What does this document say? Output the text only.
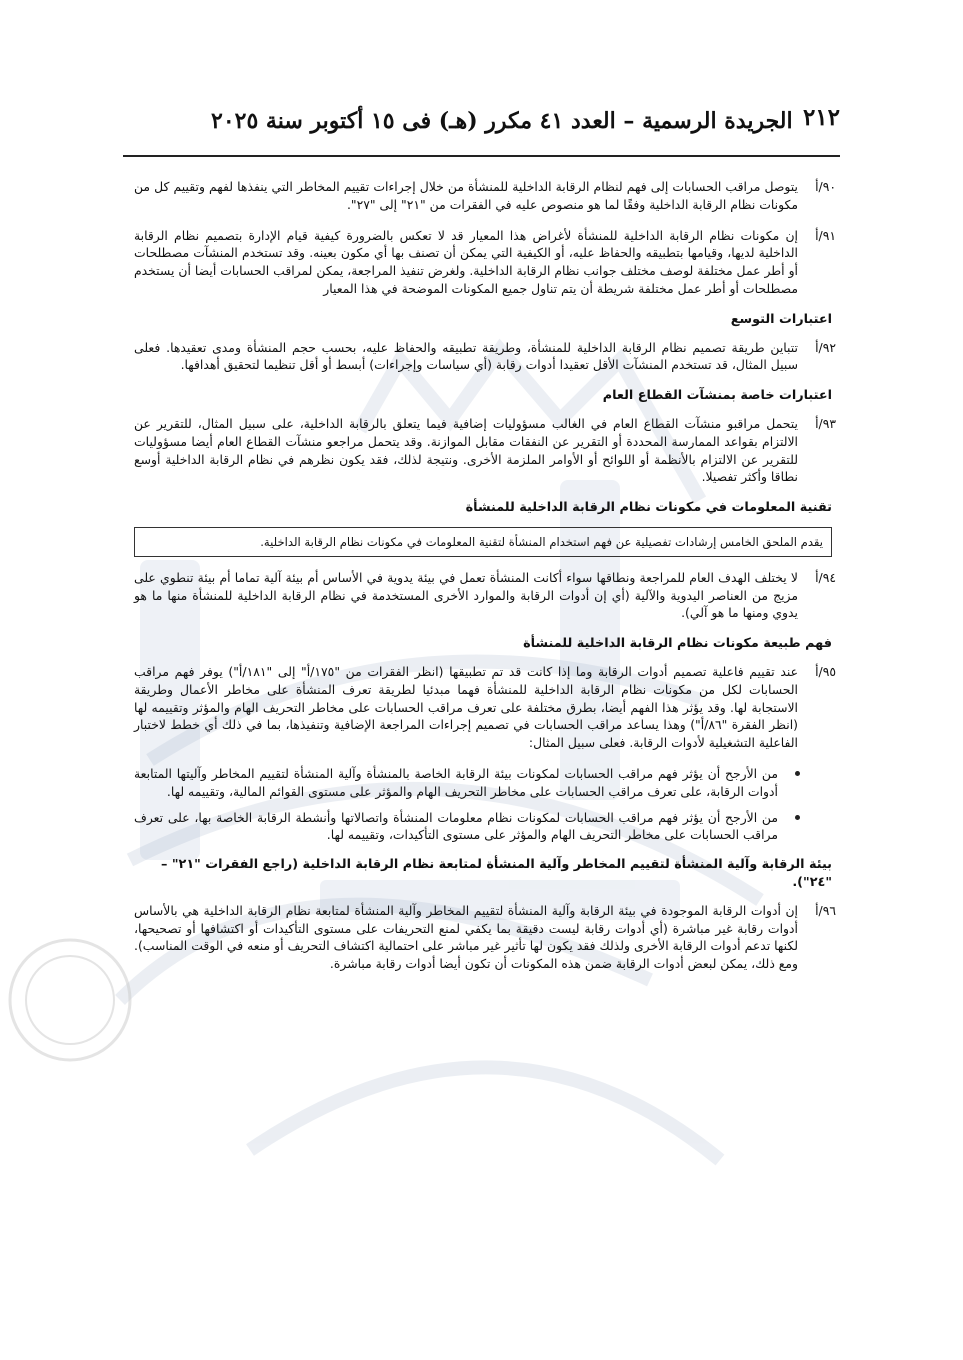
٢١٢
الجريدة الرسمية – العدد ٤١ مكرر (هـ) فى ١٥ أكتوبر سنة ٢٠٢٥
٩٠/أ
يتوصل مراقب الحسابات إلى فهم لنظام الرقابة الداخلية للمنشأة من خلال إجراءات تقييم المخاطر التي ينفذها لفهم وتقييم كل من مكونات نظام الرقابة الداخلية وفقًا لما هو منصوص عليه في الفقرات من "٢١" إلى "٢٧".
٩١/أ
إن مكونات نظام الرقابة الداخلية للمنشأة لأغراض هذا المعيار قد لا تعكس بالضرورة كيفية قيام الإدارة بتصميم نظام الرقابة الداخلية لديها، وقيامها بتطبيقه والحفاظ عليه، أو الكيفية التي يمكن أن تصنف بها أي مكون بعينه. وقد تستخدم المنشآت مصطلحات أو أطر عمل مختلفة لوصف مختلف جوانب نظام الرقابة الداخلية. ولغرض تنفيذ المراجعة، يمكن لمراقب الحسابات أيضا أن يستخدم مصطلحات أو أطر عمل مختلفة شريطة أن يتم تناول جميع المكونات الموضحة في هذا المعيار
اعتبارات التوسع
٩٢/أ
تتباين طريقة تصميم نظام الرقابة الداخلية للمنشأة، وطريقة تطبيقه والحفاظ عليه، بحسب حجم المنشأة ومدى تعقيدها. فعلى سبيل المثال، قد تستخدم المنشآت الأقل تعقيدا أدوات رقابة (أي سياسات وإجراءات) أبسط أو أقل تنظيما لتحقيق أهدافها.
اعتبارات خاصة بمنشآت القطاع العام
٩٣/أ
يتحمل مراقبو منشآت القطاع العام في الغالب مسؤوليات إضافية فيما يتعلق بالرقابة الداخلية، على سبيل المثال، للتقرير عن الالتزام بقواعد الممارسة المحددة أو التقرير عن النفقات مقابل الموازنة. وقد يتحمل مراجعو منشآت القطاع العام أيضا مسؤوليات للتقرير عن الالتزام بالأنظمة أو اللوائح أو الأوامر الملزمة الأخرى. ونتيجة لذلك، فقد يكون نظرهم في نظام الرقابة الداخلية أوسع نطاقا وأكثر تفصيلا.
تقنية المعلومات في مكونات نظام الرقابة الداخلية للمنشأة
يقدم الملحق الخامس إرشادات تفصيلية عن فهم استخدام المنشأة لتقنية المعلومات في مكونات نظام الرقابة الداخلية.
٩٤/أ
لا يختلف الهدف العام للمراجعة ونطاقها سواء أكانت المنشأة تعمل في بيئة يدوية في الأساس أم بيئة آلية تماما أم بيئة تنطوي على مزيج من العناصر اليدوية والآلية (أي إن أدوات الرقابة والموارد الأخرى المستخدمة في نظام الرقابة الداخلية للمنشأة منها ما هو يدوي ومنها ما هو آلي).
فهم طبيعة مكونات نظام الرقابة الداخلية للمنشأة
٩٥/أ
عند تقييم فاعلية تصميم أدوات الرقابة وما إذا كانت قد تم تطبيقها (انظر الفقرات من "١٧٥/أ" إلى "١٨١/أ") يوفر فهم مراقب الحسابات لكل من مكونات نظام الرقابة الداخلية للمنشأة فهما مبدئيا لطريقة تعرف المنشأة على مخاطر الأعمال وطريقة الاستجابة لها. وقد يؤثر هذا الفهم أيضا، بطرق مختلفة على تعرف مراقب الحسابات على مخاطر التحريف الهام والمؤثر وتقييمه لها (انظر الفقرة "٨٦/أ") وهذا يساعد مراقب الحسابات في تصميم إجراءات المراجعة الإضافية وتنفيذها، بما في ذلك أي خطط لاختبار الفاعلية التشغيلية لأدوات الرقابة. فعلى سبيل المثال:
من الأرجح أن يؤثر فهم مراقب الحسابات لمكونات بيئة الرقابة الخاصة بالمنشأة وآلية المنشأة لتقييم المخاطر وآليتها المتابعة أدوات الرقابة، على تعرف مراقب الحسابات على مخاطر التحريف الهام والمؤثر على مستوى القوائم المالية، وتقييمه لها.
من الأرجح أن يؤثر فهم مراقب الحسابات لمكونات نظام معلومات المنشأة واتصالاتها وأنشطة الرقابة الخاصة بها، على تعرف مراقب الحسابات على مخاطر التحريف الهام والمؤثر على مستوى التأكيدات، وتقييمه لها.
بيئة الرقابة وآلية المنشأة لتقييم المخاطر وآلية المنشأة لمتابعة نظام الرقابة الداخلية (راجع الفقرات "٢١" – "٢٤").
٩٦/أ
إن أدوات الرقابة الموجودة في بيئة الرقابة وآلية المنشأة لتقييم المخاطر وآلية المنشأة لمتابعة نظام الرقابة الداخلية هي بالأساس أدوات رقابة غير مباشرة (أي أدوات رقابة ليست دقيقة بما يكفي لمنع التحريفات على مستوى التأكيدات أو اكتشافها أو تصحيحها، لكنها تدعم أدوات الرقابة الأخرى ولذلك فقد يكون لها تأثير غير مباشر على احتمالية اكتشاف التحريف أو منعه في الوقت المناسب). ومع ذلك، يمكن لبعض أدوات الرقابة ضمن هذه المكونات أن تكون أيضا أدوات رقابة مباشرة.
